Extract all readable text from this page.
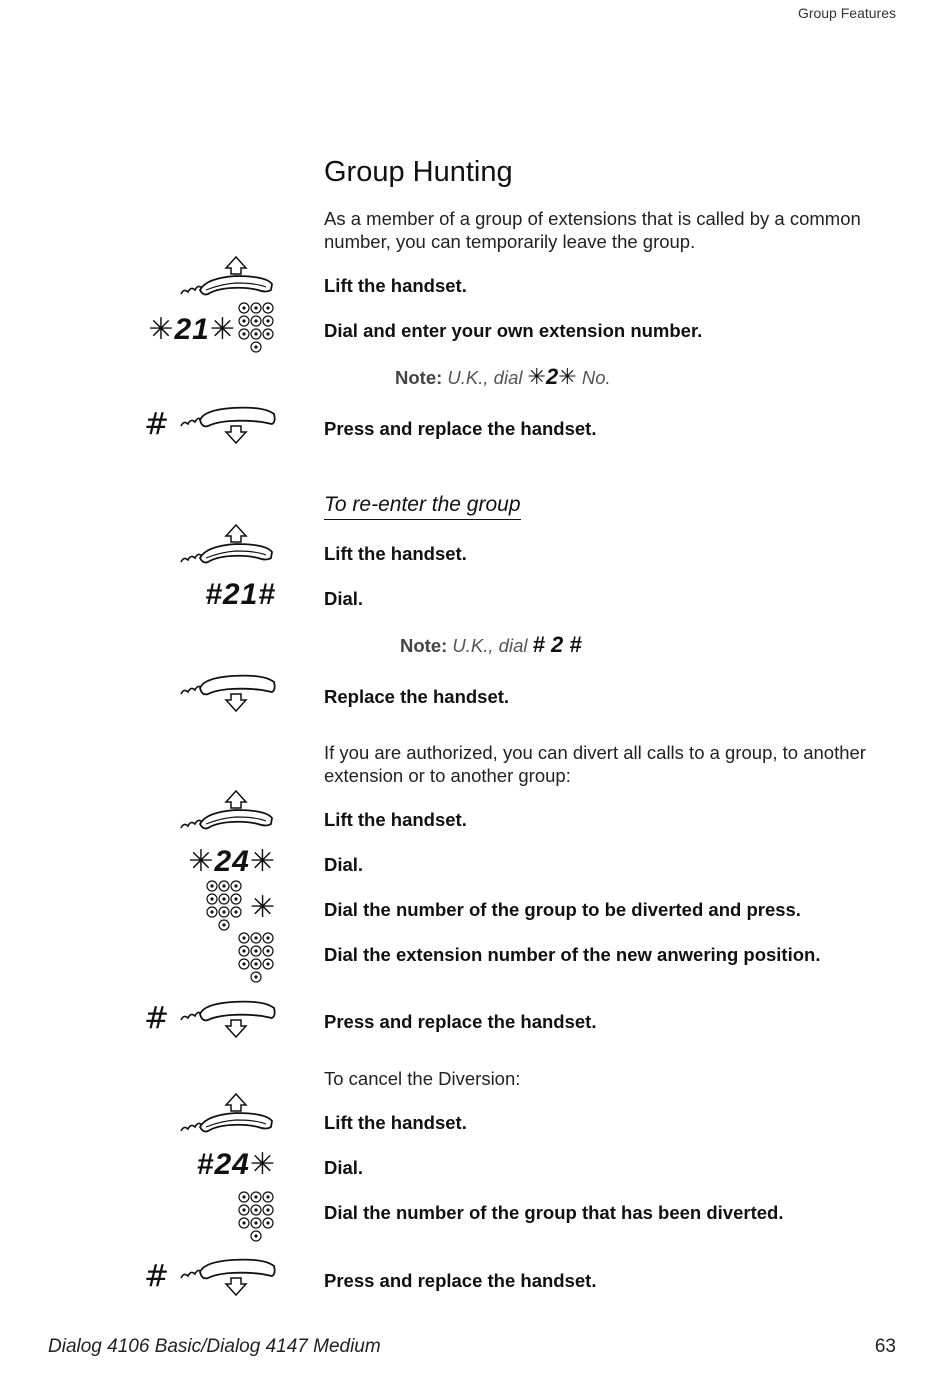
Group Features
Group Hunting
As a member of a group of extensions that is called by a common number, you can temporarily leave the group.
Lift the handset.
✳21✳	Dial and enter your own extension number.
Note: U.K., dial ✳2✳ No.
#	Press and replace the handset.
To re-enter the group
Lift the handset.
#21#	Dial.
Note: U.K., dial # 2 #
Replace the handset.
If you are authorized, you can divert all calls to a group, to another extension or to another group:
Lift the handset.
✳24✳	Dial.
✳	Dial the number of the group to be diverted and press.
Dial the extension number of the new anwering position.
#	Press and replace the handset.
To cancel the Diversion:
Lift the handset.
#24✳	Dial.
Dial the number of the group that has been diverted.
#	Press and replace the handset.
Dialog 4106 Basic/Dialog 4147 Medium	63
